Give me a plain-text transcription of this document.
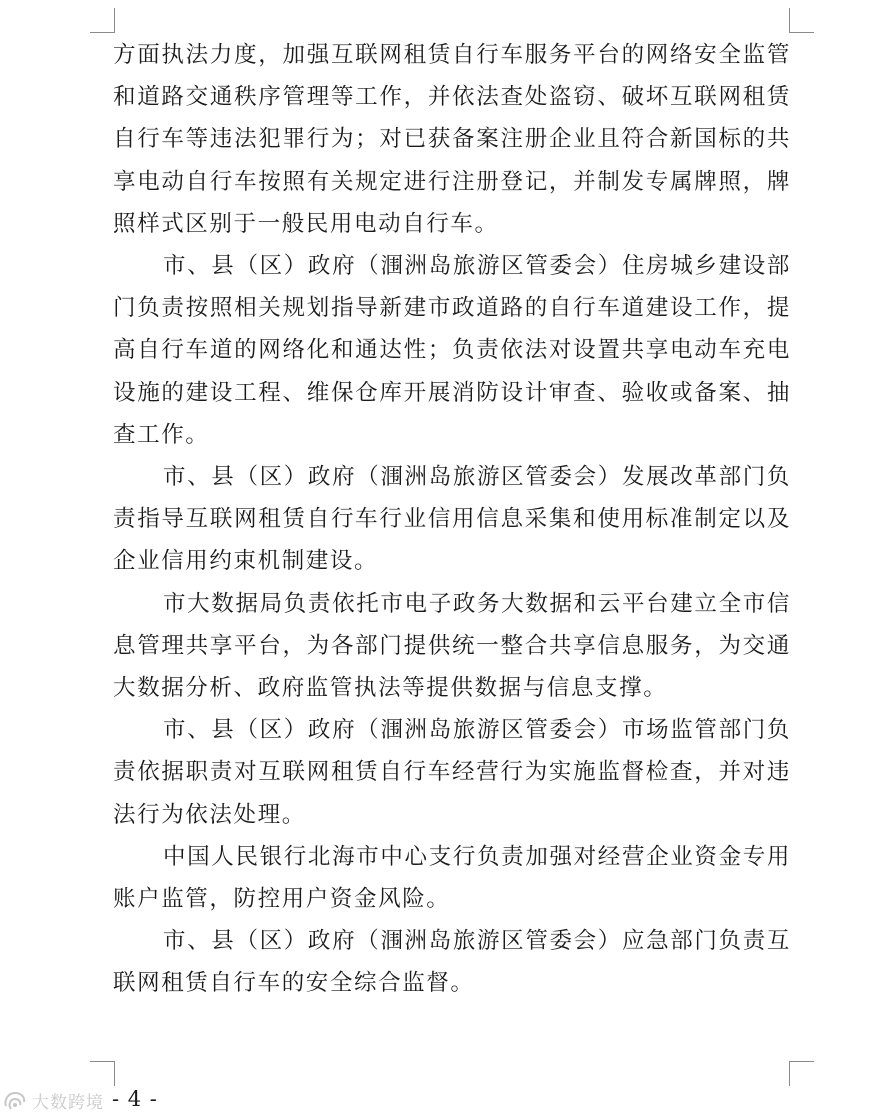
方面执法力度，加强互联网租赁自行车服务平台的网络安全监管和道路交通秩序管理等工作，并依法查处盗窃、破坏互联网租赁自行车等违法犯罪行为；对已获备案注册企业且符合新国标的共享电动自行车按照有关规定进行注册登记，并制发专属牌照，牌照样式区别于一般民用电动自行车。

市、县（区）政府（涠洲岛旅游区管委会）住房城乡建设部门负责按照相关规划指导新建市政道路的自行车道建设工作，提高自行车道的网络化和通达性；负责依法对设置共享电动车充电设施的建设工程、维保仓库开展消防设计审查、验收或备案、抽查工作。

市、县（区）政府（涠洲岛旅游区管委会）发展改革部门负责指导互联网租赁自行车行业信用信息采集和使用标准制定以及企业信用约束机制建设。

市大数据局负责依托市电子政务大数据和云平台建立全市信息管理共享平台，为各部门提供统一整合共享信息服务，为交通大数据分析、政府监管执法等提供数据与信息支撑。

市、县（区）政府（涠洲岛旅游区管委会）市场监管部门负责依据职责对互联网租赁自行车经营行为实施监督检查，并对违法行为依法处理。

中国人民银行北海市中心支行负责加强对经营企业资金专用账户监管，防控用户资金风险。

市、县（区）政府（涠洲岛旅游区管委会）应急部门负责互联网租赁自行车的安全综合监督。

- 4 -
大数跨境
